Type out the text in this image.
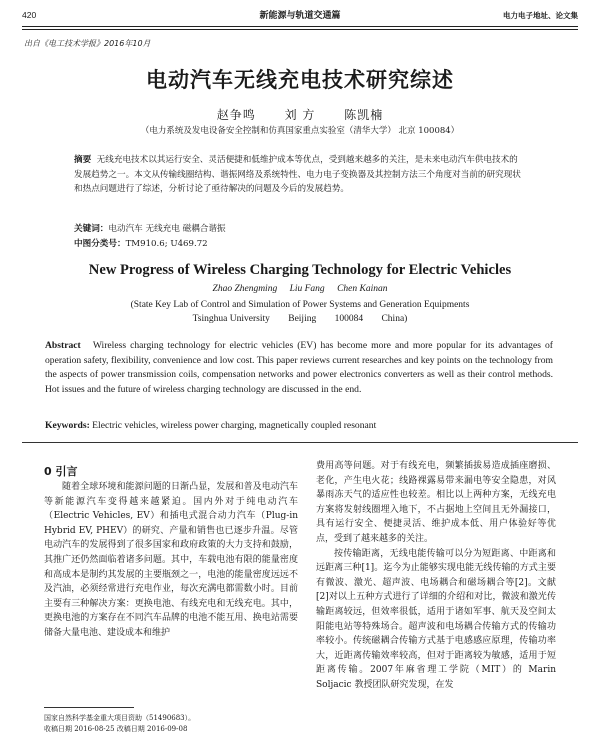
420	新能源与轨道交通篇	电力电子地址、论文集
出自《电工技术学报》2016年10月
电动汽车无线充电技术研究综述
赵争鸣 刘 方 陈凯楠
（电力系统及发电设备安全控制和仿真国家重点实验室（清华大学） 北京 100084）
摘要 无线充电技术以其运行安全、灵活便捷和低维护成本等优点，受到越来越多的关注，是未来电动汽车供电技术的发展趋势之一。本文从传输线圈结构、谐振网络及系统特性、电力电子变换器及其控制方法三个角度对当前的研究现状和热点问题进行了综述，分析讨论了亟待解决的问题及今后的发展趋势。
关键词：电动汽车 无线充电 磁耦合谐振
中图分类号：TM910.6; U469.72
New Progress of Wireless Charging Technology for Electric Vehicles
Zhao Zhengming Liu Fang Chen Kainan
(State Key Lab of Control and Simulation of Power Systems and Generation Equipments
Tsinghua University Beijing 100084 China)
Abstract Wireless charging technology for electric vehicles (EV) has become more and more popular for its advantages of operation safety, flexibility, convenience and low cost. This paper reviews current researches and key points on the technology from the aspects of power transmission coils, compensation networks and power electronics converters as well as their control methods. Hot issues and the future of wireless charging technology are discussed in the end.
Keywords: Electric vehicles, wireless power charging, magnetically coupled resonant
0 引言

随着全球环境和能源问题的日渐凸显，发展和普及电动汽车等新能源汽车变得越来越紧迫。国内外对于纯电动汽车（Electric Vehicles, EV）和插电式混合动力汽车（Plug-in Hybrid EV, PHEV）的研究、产量和销售也已逐步升温。尽管电动汽车的发展得到了很多国家和政府政策的大力支持和鼓励，其推广还仍然面临着诸多问题。其中，车载电池有限的能量密度和高成本是制约其发展的主要瓶颈之一，电池的能量密度远远不及汽油，必须经常进行充电作业，每次充满电都需数小时。目前主要有三种解决方案：更换电池、有线充电和无线充电。其中，更换电池的方案存在不同汽车品牌的电池不能互用、换电站需要储备大量电池、建设成本和维护

费用高等问题。对于有线充电，频繁插拔易造成插座磨损、老化，产生电火花；线路裸露易带来漏电等安全隐患，对风暴雨冻天气的适应性也较差。相比以上两种方案，无线充电方案将发射线圈埋入地下，不占据地上空间且无外漏接口，具有运行安全、便捷灵活、维护成本低、用户体验好等优点，受到了越来越多的关注。

按传输距离，无线电能传输可以分为短距离、中距离和远距离三种[1]。迄今为止能够实现电能无线传输的方式主要有微波、激光、超声波、电场耦合和磁场耦合等[2]。文献[2]对以上五种方式进行了详细的介绍和对比，微波和激光传输距离较远，但效率很低，适用于诸如军事、航天及空间太阳能电站等特殊场合。超声波和电场耦合传输方式的传输功率较小。传统磁耦合传输方式基于电感感应原理，传输功率大，近距离传输效率较高，但对于距离较为敏感，适用于短距离传输。2007年麻省理工学院（MIT）的 Marin Soljacic 教授团队研究发现，在发

国家自然科学基金重大项目资助（51490683）。
收稿日期 2016-08-25 改稿日期 2016-09-08
